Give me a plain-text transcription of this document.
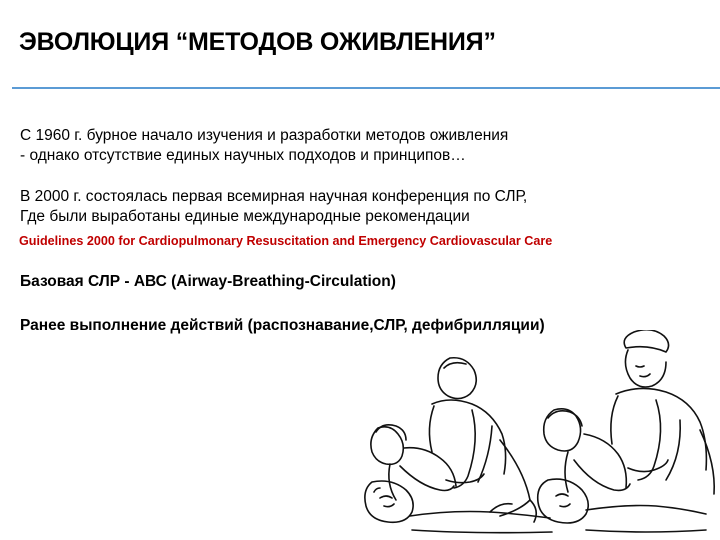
ЭВОЛЮЦИЯ “МЕТОДОВ ОЖИВЛЕНИЯ”
С 1960 г. бурное начало изучения и разработки методов оживления
- однако отсутствие единых научных подходов и принципов…
В 2000 г. состоялась первая всемирная научная конференция по СЛР,
Где были выработаны единые международные рекомендации
Guidelines 2000 for Cardiopulmonary Resuscitation and Emergency Cardiovascular Care
Базовая СЛР - АВС (Airway-Breathing-Circulation)
Ранее выполнение действий (распознавание,СЛР, дефибрилляции)
